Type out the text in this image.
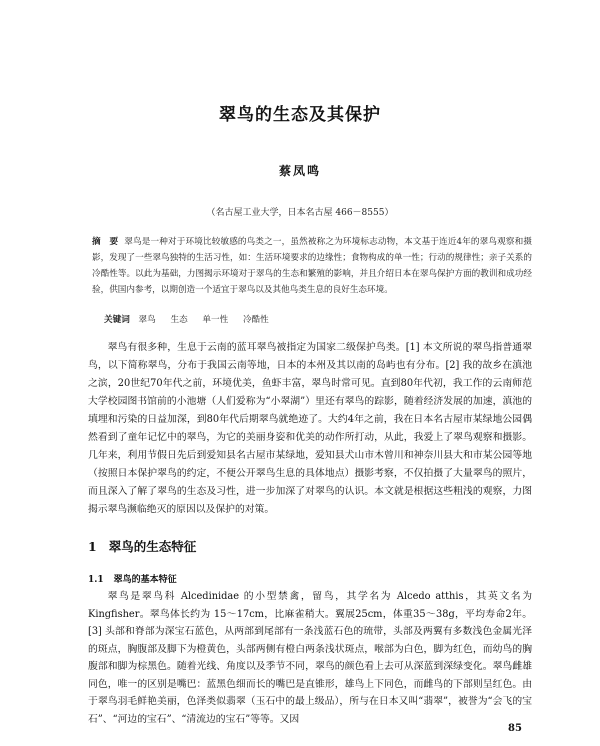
翠鸟的生态及其保护
蔡凤鸣
（名古屋工业大学，日本名古屋 466－8555）
摘　要 翠鸟是一种对于环境比较敏感的鸟类之一，虽然被称之为环境标志动物，本文基于连近4年的翠鸟观察和摄影，发现了一些翠鸟独特的生活习性，如：生活环境要求的边缘性；食物构成的单一性；行动的规律性；亲子关系的冷酷性等。以此为基础，力图揭示环境对于翠鸟的生态和繁殖的影响，并且介绍日本在翠鸟保护方面的教训和成功经验，供国内参考，以期创造一个适宜于翠鸟以及其他鸟类生息的良好生态环境。
关键词 翠鸟 生态 单一性 冷酷性

翠鸟有很多种，生息于云南的蓝耳翠鸟被指定为国家二级保护鸟类。[1] 本文所说的翠鸟指普通翠鸟，以下简称翠鸟，分布于我国云南等地，日本的本州及其以南的岛屿也有分布。[2] 我的故乡在滇池之滨，20世纪70年代之前，环境优美，鱼虾丰富，翠鸟时常可见。直到80年代初，我工作的云南师范大学校园图书馆前的小池塘（人们爱称为“小翠湖”）里还有翠鸟的踪影，随着经济发展的加速，滇池的填埋和污染的日益加深，到80年代后期翠鸟就绝迹了。大约4年之前，我在日本名古屋市某绿地公园偶然看到了童年记忆中的翠鸟，为它的美丽身姿和优美的动作所打动，从此，我爱上了翠鸟观察和摄影。几年来，利用节假日先后到爱知县名古屋市某绿地，爱知县犬山市木曾川和神奈川县大和市某公园等地（按照日本保护翠鸟的约定，不便公开翠鸟生息的具体地点）摄影考察，不仅拍摄了大量翠鸟的照片，而且深入了解了翠鸟的生态及习性，进一步加深了对翠鸟的认识。本文就是根据这些粗浅的观察，力图揭示翠鸟濒临绝灭的原因以及保护的对策。

1 翠鸟的生态特征
1.1 翠鸟的基本特征

翠鸟是翠鸟科 Alcedinidae 的小型禁禽，留鸟，其学名为 Alcedo atthis，其英文名为 Kingfisher。翠鸟体长约为 15～17cm，比麻雀稍大。翼展25cm，体重35～38g，平均寿命2年。[3] 头部和脊部为深宝石蓝色，从两部到尾部有一条浅蓝石色的琉带，头部及两翼有多数浅色金属光泽的斑点，胸腹部及脚下为橙黄色，头部两侧有橙白两条浅状斑点，喉部为白色，脚为红色，而幼鸟的胸腹部和脚为棕黑色。随着光线、角度以及季节不同，翠鸟的颜色看上去可从深蓝到深绿变化。翠鸟雌雄同色，唯一的区别是嘴巴：蓝黑色细而长的嘴巴是直锥形，雄鸟上下同色，而雌鸟的下部则呈红色。由于翠鸟羽毛鲜艳美丽，色泽类似翡翠（玉石中的最上级品），所与在日本又叫“翡翠”，被誉为“会飞的宝石”、“河边的宝石”、“清流边的宝石”等等。又因

85
